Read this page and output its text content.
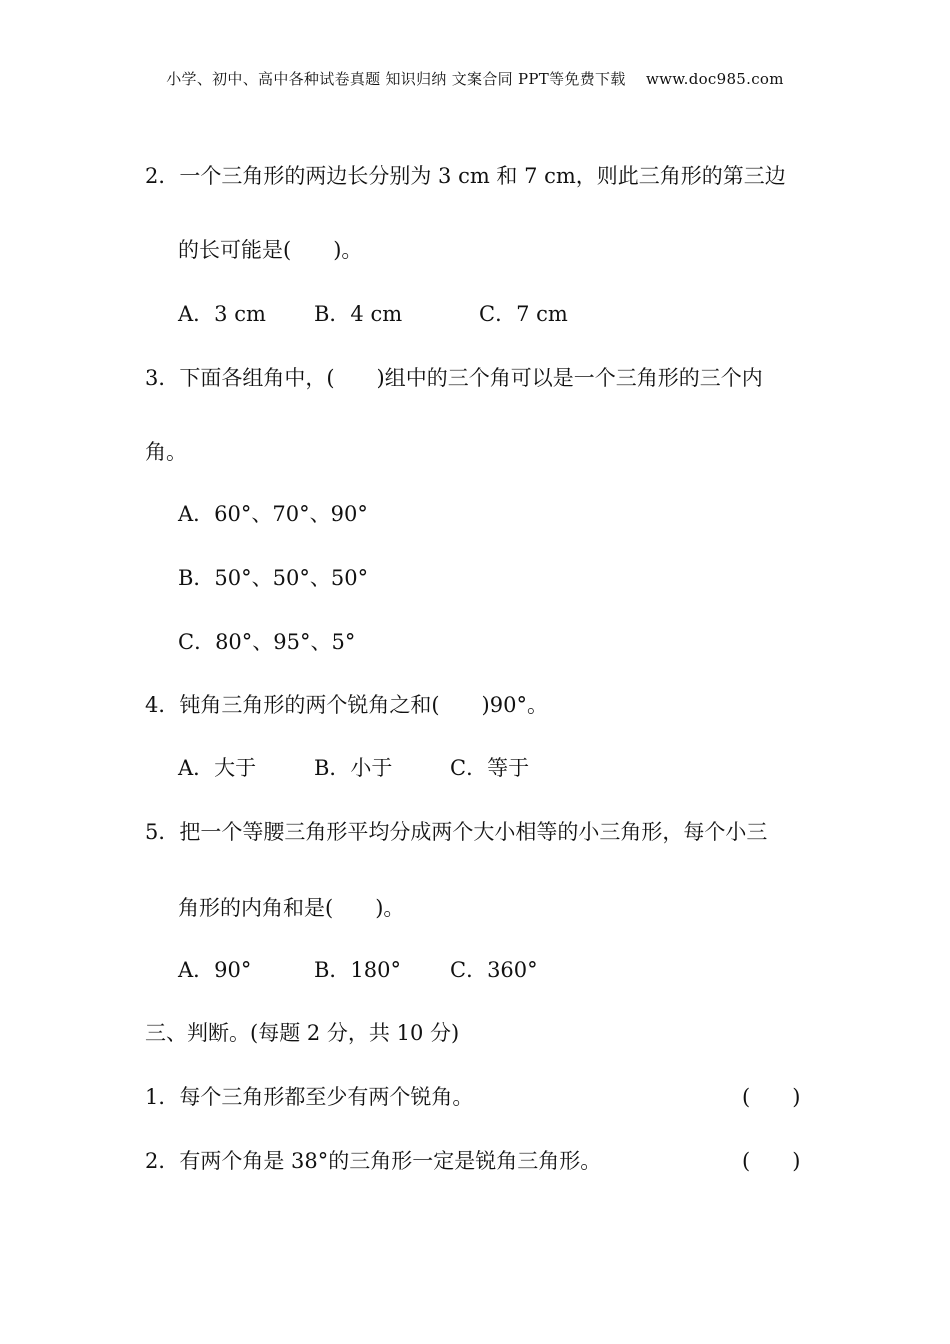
小学、初中、高中各种试卷真题 知识归纳 文案合同 PPT等免费下载　 www.doc985.com
2．一个三角形的两边长分别为 3 cm 和 7 cm，则此三角形的第三边
的长可能是(　　)。
A．3 cm B．4 cm	C．7 cm
3．下面各组角中，(　　)组中的三个角可以是一个三角形的三个内
角。
A．60°、70°、90°
B．50°、50°、50°
C．80°、95°、5°
4．钝角三角形的两个锐角之和(　　)90°。
A．大于	B．小于	C．等于
5．把一个等腰三角形平均分成两个大小相等的小三角形，每个小三
角形的内角和是(　　)。
A．90°	B．180° C．360°
三、判断。(每题 2 分，共 10 分)
1．每个三角形都至少有两个锐角。	(　　)
2．有两个角是 38°的三角形一定是锐角三角形。	(　　)
